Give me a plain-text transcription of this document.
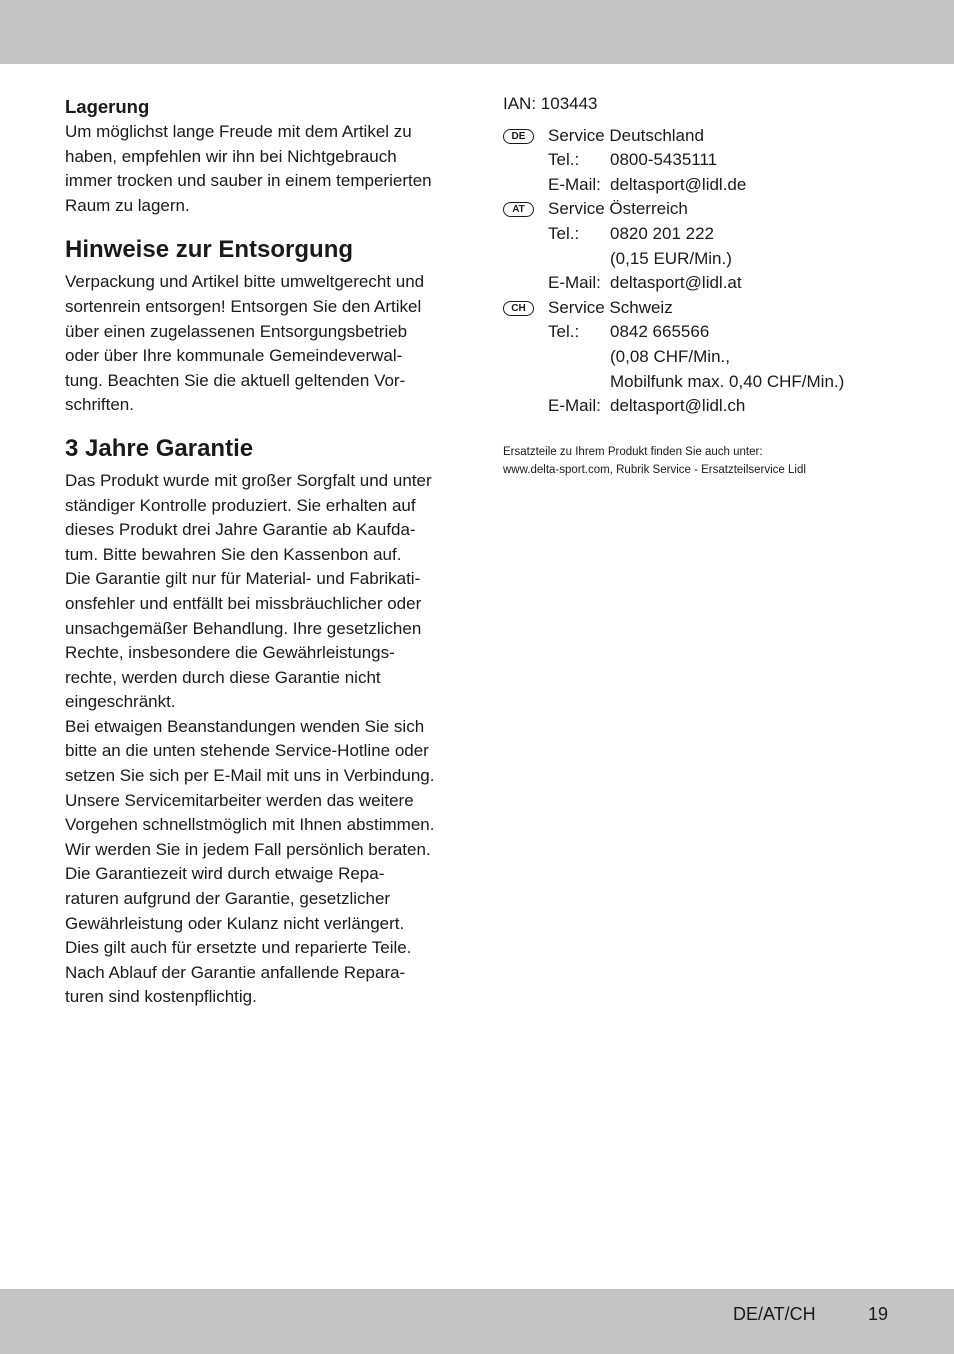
Lagerung
Um möglichst lange Freude mit dem Artikel zu
haben, empfehlen wir ihn bei Nichtgebrauch
immer trocken und sauber in einem temperierten
Raum zu lagern.
Hinweise zur Entsorgung
Verpackung und Artikel bitte umweltgerecht und
sortenrein entsorgen! Entsorgen Sie den Artikel
über einen zugelassenen Entsorgungsbetrieb
oder über Ihre kommunale Gemeindeverwal-
tung. Beachten Sie die aktuell geltenden Vor-
schriften.
3 Jahre Garantie
Das Produkt wurde mit großer Sorgfalt und unter
ständiger Kontrolle produziert. Sie erhalten auf
dieses Produkt drei Jahre Garantie ab Kaufda-
tum. Bitte bewahren Sie den Kassenbon auf.
Die Garantie gilt nur für Material- und Fabrikati-
onsfehler und entfällt bei missbräuchlicher oder
unsachgemäßer Behandlung. Ihre gesetzlichen
Rechte, insbesondere die Gewährleistungs-
rechte, werden durch diese Garantie nicht
eingeschränkt.
Bei etwaigen Beanstandungen wenden Sie sich
bitte an die unten stehende Service-Hotline oder
setzen Sie sich per E-Mail mit uns in Verbindung.
Unsere Servicemitarbeiter werden das weitere
Vorgehen schnellstmöglich mit Ihnen abstimmen.
Wir werden Sie in jedem Fall persönlich beraten.
Die Garantiezeit wird durch etwaige Repa-
raturen aufgrund der Garantie, gesetzlicher
Gewährleistung oder Kulanz nicht verlängert.
Dies gilt auch für ersetzte und reparierte Teile.
Nach Ablauf der Garantie anfallende Repara-
turen sind kostenpflichtig.
IAN: 103443
DE	Service Deutschland
Tel.: 0800-5435111
E-Mail: deltasport@lidl.de
AT	Service Österreich
Tel.: 0820 201 222
(0,15 EUR/Min.)
E-Mail: deltasport@lidl.at
CH	Service Schweiz
Tel.: 0842 665566
(0,08 CHF/Min.,
Mobilfunk max. 0,40 CHF/Min.)
E-Mail: deltasport@lidl.ch
Ersatzteile zu Ihrem Produkt finden Sie auch unter:
www.delta-sport.com, Rubrik Service - Ersatzteilservice Lidl
DE/AT/CH	19
